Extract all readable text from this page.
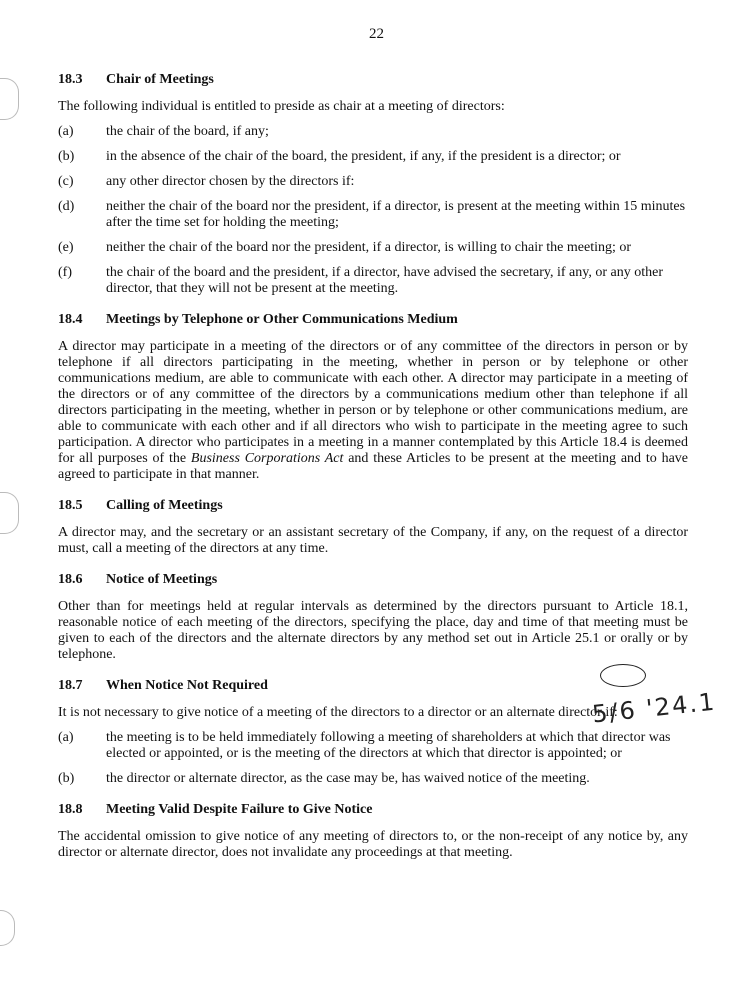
22

18.3 Chair of Meetings

The following individual is entitled to preside as chair at a meeting of directors:

(a)	the chair of the board, if any;
(b)	in the absence of the chair of the board, the president, if any, if the president is a director; or
(c)	any other director chosen by the directors if:
(d)	neither the chair of the board nor the president, if a director, is present at the meeting within 15 minutes after the time set for holding the meeting;
(e)	neither the chair of the board nor the president, if a director, is willing to chair the meeting; or
(f)	the chair of the board and the president, if a director, have advised the secretary, if any, or any other director, that they will not be present at the meeting.

18.4 Meetings by Telephone or Other Communications Medium

A director may participate in a meeting of the directors or of any committee of the directors in person or by telephone if all directors participating in the meeting, whether in person or by telephone or other communications medium, are able to communicate with each other. A director may participate in a meeting of the directors or of any committee of the directors by a communications medium other than telephone if all directors participating in the meeting, whether in person or by telephone or other communications medium, are able to communicate with each other and if all directors who wish to participate in the meeting agree to such participation. A director who participates in a meeting in a manner contemplated by this Article 18.4 is deemed for all purposes of the Business Corporations Act and these Articles to be present at the meeting and to have agreed to participate in that manner.

18.5 Calling of Meetings

A director may, and the secretary or an assistant secretary of the Company, if any, on the request of a director must, call a meeting of the directors at any time.

18.6 Notice of Meetings

Other than for meetings held at regular intervals as determined by the directors pursuant to Article 18.1, reasonable notice of each meeting of the directors, specifying the place, day and time of that meeting must be given to each of the directors and the alternate directors by any method set out in Article 25.1 or orally or by telephone.

18.7 When Notice Not Required

It is not necessary to give notice of a meeting of the directors to a director or an alternate director if:

(a)	the meeting is to be held immediately following a meeting of shareholders at which that director was elected or appointed, or is the meeting of the directors at which that director is appointed; or
(b)	the director or alternate director, as the case may be, has waived notice of the meeting.

18.8 Meeting Valid Despite Failure to Give Notice

The accidental omission to give notice of any meeting of directors to, or the non-receipt of any notice by, any director or alternate director, does not invalidate any proceedings at that meeting.

5/6 '24.1
